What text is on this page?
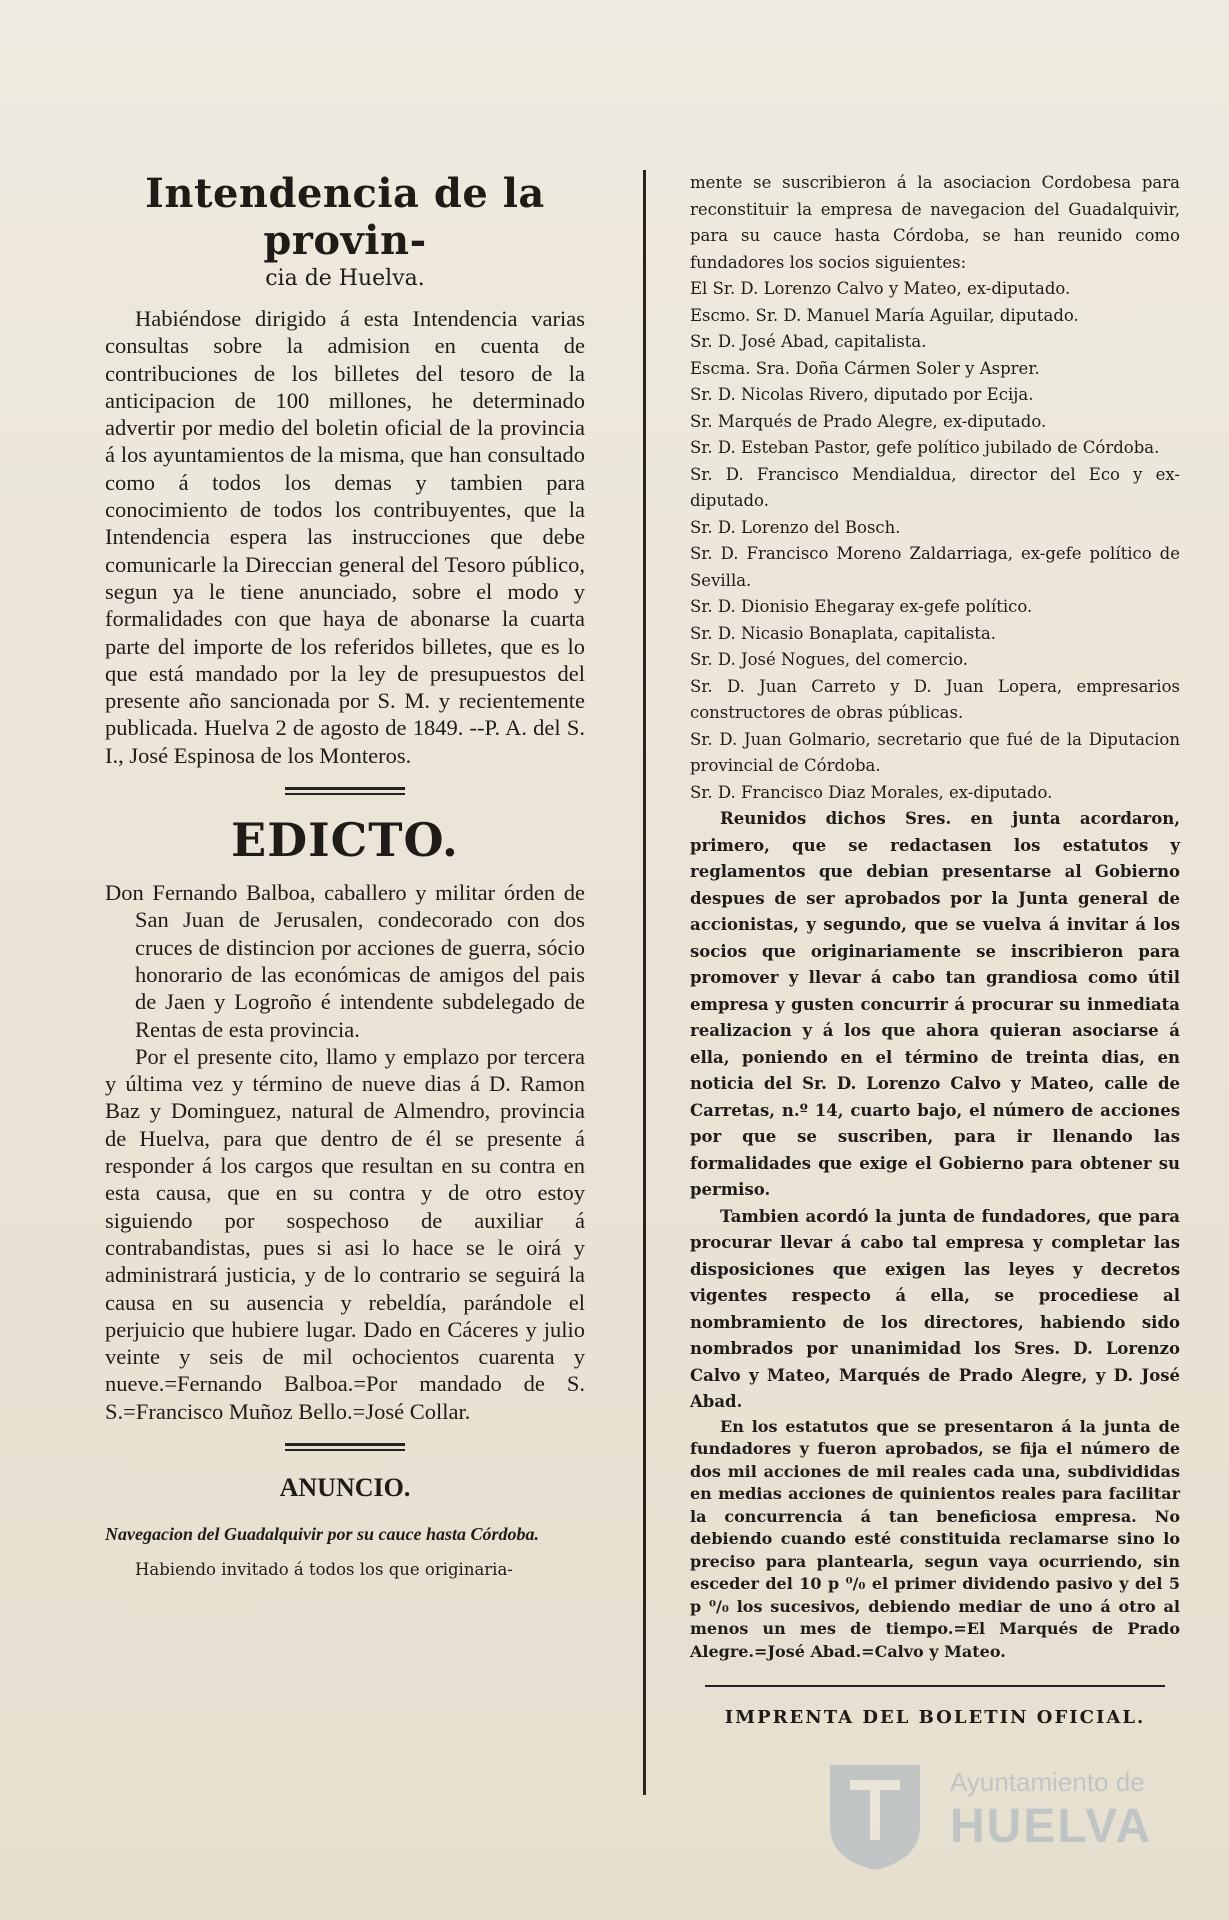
Intendencia de la provin-
cia de Huelva.

Habiéndose dirigido á esta Intendencia varias consultas sobre la admision en cuenta de contribuciones de los billetes del tesoro de la anticipacion de 100 millones, he determinado advertir por medio del boletin oficial de la provincia á los ayuntamientos de la misma, que han consultado como á todos los demas y tambien para conocimiento de todos los contribuyentes, que la Intendencia espera las instrucciones que debe comunicarle la Direccian general del Tesoro público, segun ya le tiene anunciado, sobre el modo y formalidades con que haya de abonarse la cuarta parte del importe de los referidos billetes, que es lo que está mandado por la ley de presupuestos del presente año sancionada por S. M. y recientemente publicada. Huelva 2 de agosto de 1849. --P. A. del S. I., José Espinosa de los Monteros.

EDICTO.

Don Fernando Balboa, caballero y militar órden de San Juan de Jerusalen, condecorado con dos cruces de distincion por acciones de guerra, sócio honorario de las económicas de amigos del pais de Jaen y Logroño é intendente subdelegado de Rentas de esta provincia.

Por el presente cito, llamo y emplazo por tercera y última vez y término de nueve dias á D. Ramon Baz y Dominguez, natural de Almendro, provincia de Huelva, para que dentro de él se presente á responder á los cargos que resultan en su contra en esta causa, que en su contra y de otro estoy siguiendo por sospechoso de auxiliar á contrabandistas, pues si asi lo hace se le oirá y administrará justicia, y de lo contrario se seguirá la causa en su ausencia y rebeldía, parándole el perjuicio que hubiere lugar. Dado en Cáceres y julio veinte y seis de mil ochocientos cuarenta y nueve.=Fernando Balboa.=Por mandado de S. S.=Francisco Muñoz Bello.=José Collar.

ANUNCIO.

Navegacion del Guadalquivir por su cauce hasta Córdoba.

Habiendo invitado á todos los que originaria-

mente se suscribieron á la asociacion Cordobesa para reconstituir la empresa de navegacion del Guadalquivir, para su cauce hasta Córdoba, se han reunido como fundadores los socios siguientes:

El Sr. D. Lorenzo Calvo y Mateo, ex-diputado.

Escmo. Sr. D. Manuel María Aguilar, diputado.

Sr. D. José Abad, capitalista.

Escma. Sra. Doña Cármen Soler y Asprer.

Sr. D. Nicolas Rivero, diputado por Ecija.

Sr. Marqués de Prado Alegre, ex-diputado.

Sr. D. Esteban Pastor, gefe político jubilado de Córdoba.

Sr. D. Francisco Mendialdua, director del Eco y ex-diputado.

Sr. D. Lorenzo del Bosch.

Sr. D. Francisco Moreno Zaldarriaga, ex-gefe político de Sevilla.

Sr. D. Dionisio Ehegaray ex-gefe político.

Sr. D. Nicasio Bonaplata, capitalista.

Sr. D. José Nogues, del comercio.

Sr. D. Juan Carreto y D. Juan Lopera, empresarios constructores de obras públicas.

Sr. D. Juan Golmario, secretario que fué de la Diputacion provincial de Córdoba.

Sr. D. Francisco Diaz Morales, ex-diputado.

Reunidos dichos Sres. en junta acordaron, primero, que se redactasen los estatutos y reglamentos que debian presentarse al Gobierno despues de ser aprobados por la Junta general de accionistas, y segundo, que se vuelva á invitar á los socios que originariamente se inscribieron para promover y llevar á cabo tan grandiosa como útil empresa y gusten concurrir á procurar su inmediata realizacion y á los que ahora quieran asociarse á ella, poniendo en el término de treinta dias, en noticia del Sr. D. Lorenzo Calvo y Mateo, calle de Carretas, n.º 14, cuarto bajo, el número de acciones por que se suscriben, para ir llenando las formalidades que exige el Gobierno para obtener su permiso.

Tambien acordó la junta de fundadores, que para procurar llevar á cabo tal empresa y completar las disposiciones que exigen las leyes y decretos vigentes respecto á ella, se procediese al nombramiento de los directores, habiendo sido nombrados por unanimidad los Sres. D. Lorenzo Calvo y Mateo, Marqués de Prado Alegre, y D. José Abad.

En los estatutos que se presentaron á la junta de fundadores y fueron aprobados, se fija el número de dos mil acciones de mil reales cada una, subdivididas en medias acciones de quinientos reales para facilitar la concurrencia á tan beneficiosa empresa. No debiendo cuando esté constituida reclamarse sino lo preciso para plantearla, segun vaya ocurriendo, sin esceder del 10 p ⁰/₀ el primer dividendo pasivo y del 5 p ⁰/₀ los sucesivos, debiendo mediar de uno á otro al menos un mes de tiempo.=El Marqués de Prado Alegre.=José Abad.=Calvo y Mateo.

IMPRENTA DEL BOLETIN OFICIAL.
Ayuntamiento de
HUELVA
